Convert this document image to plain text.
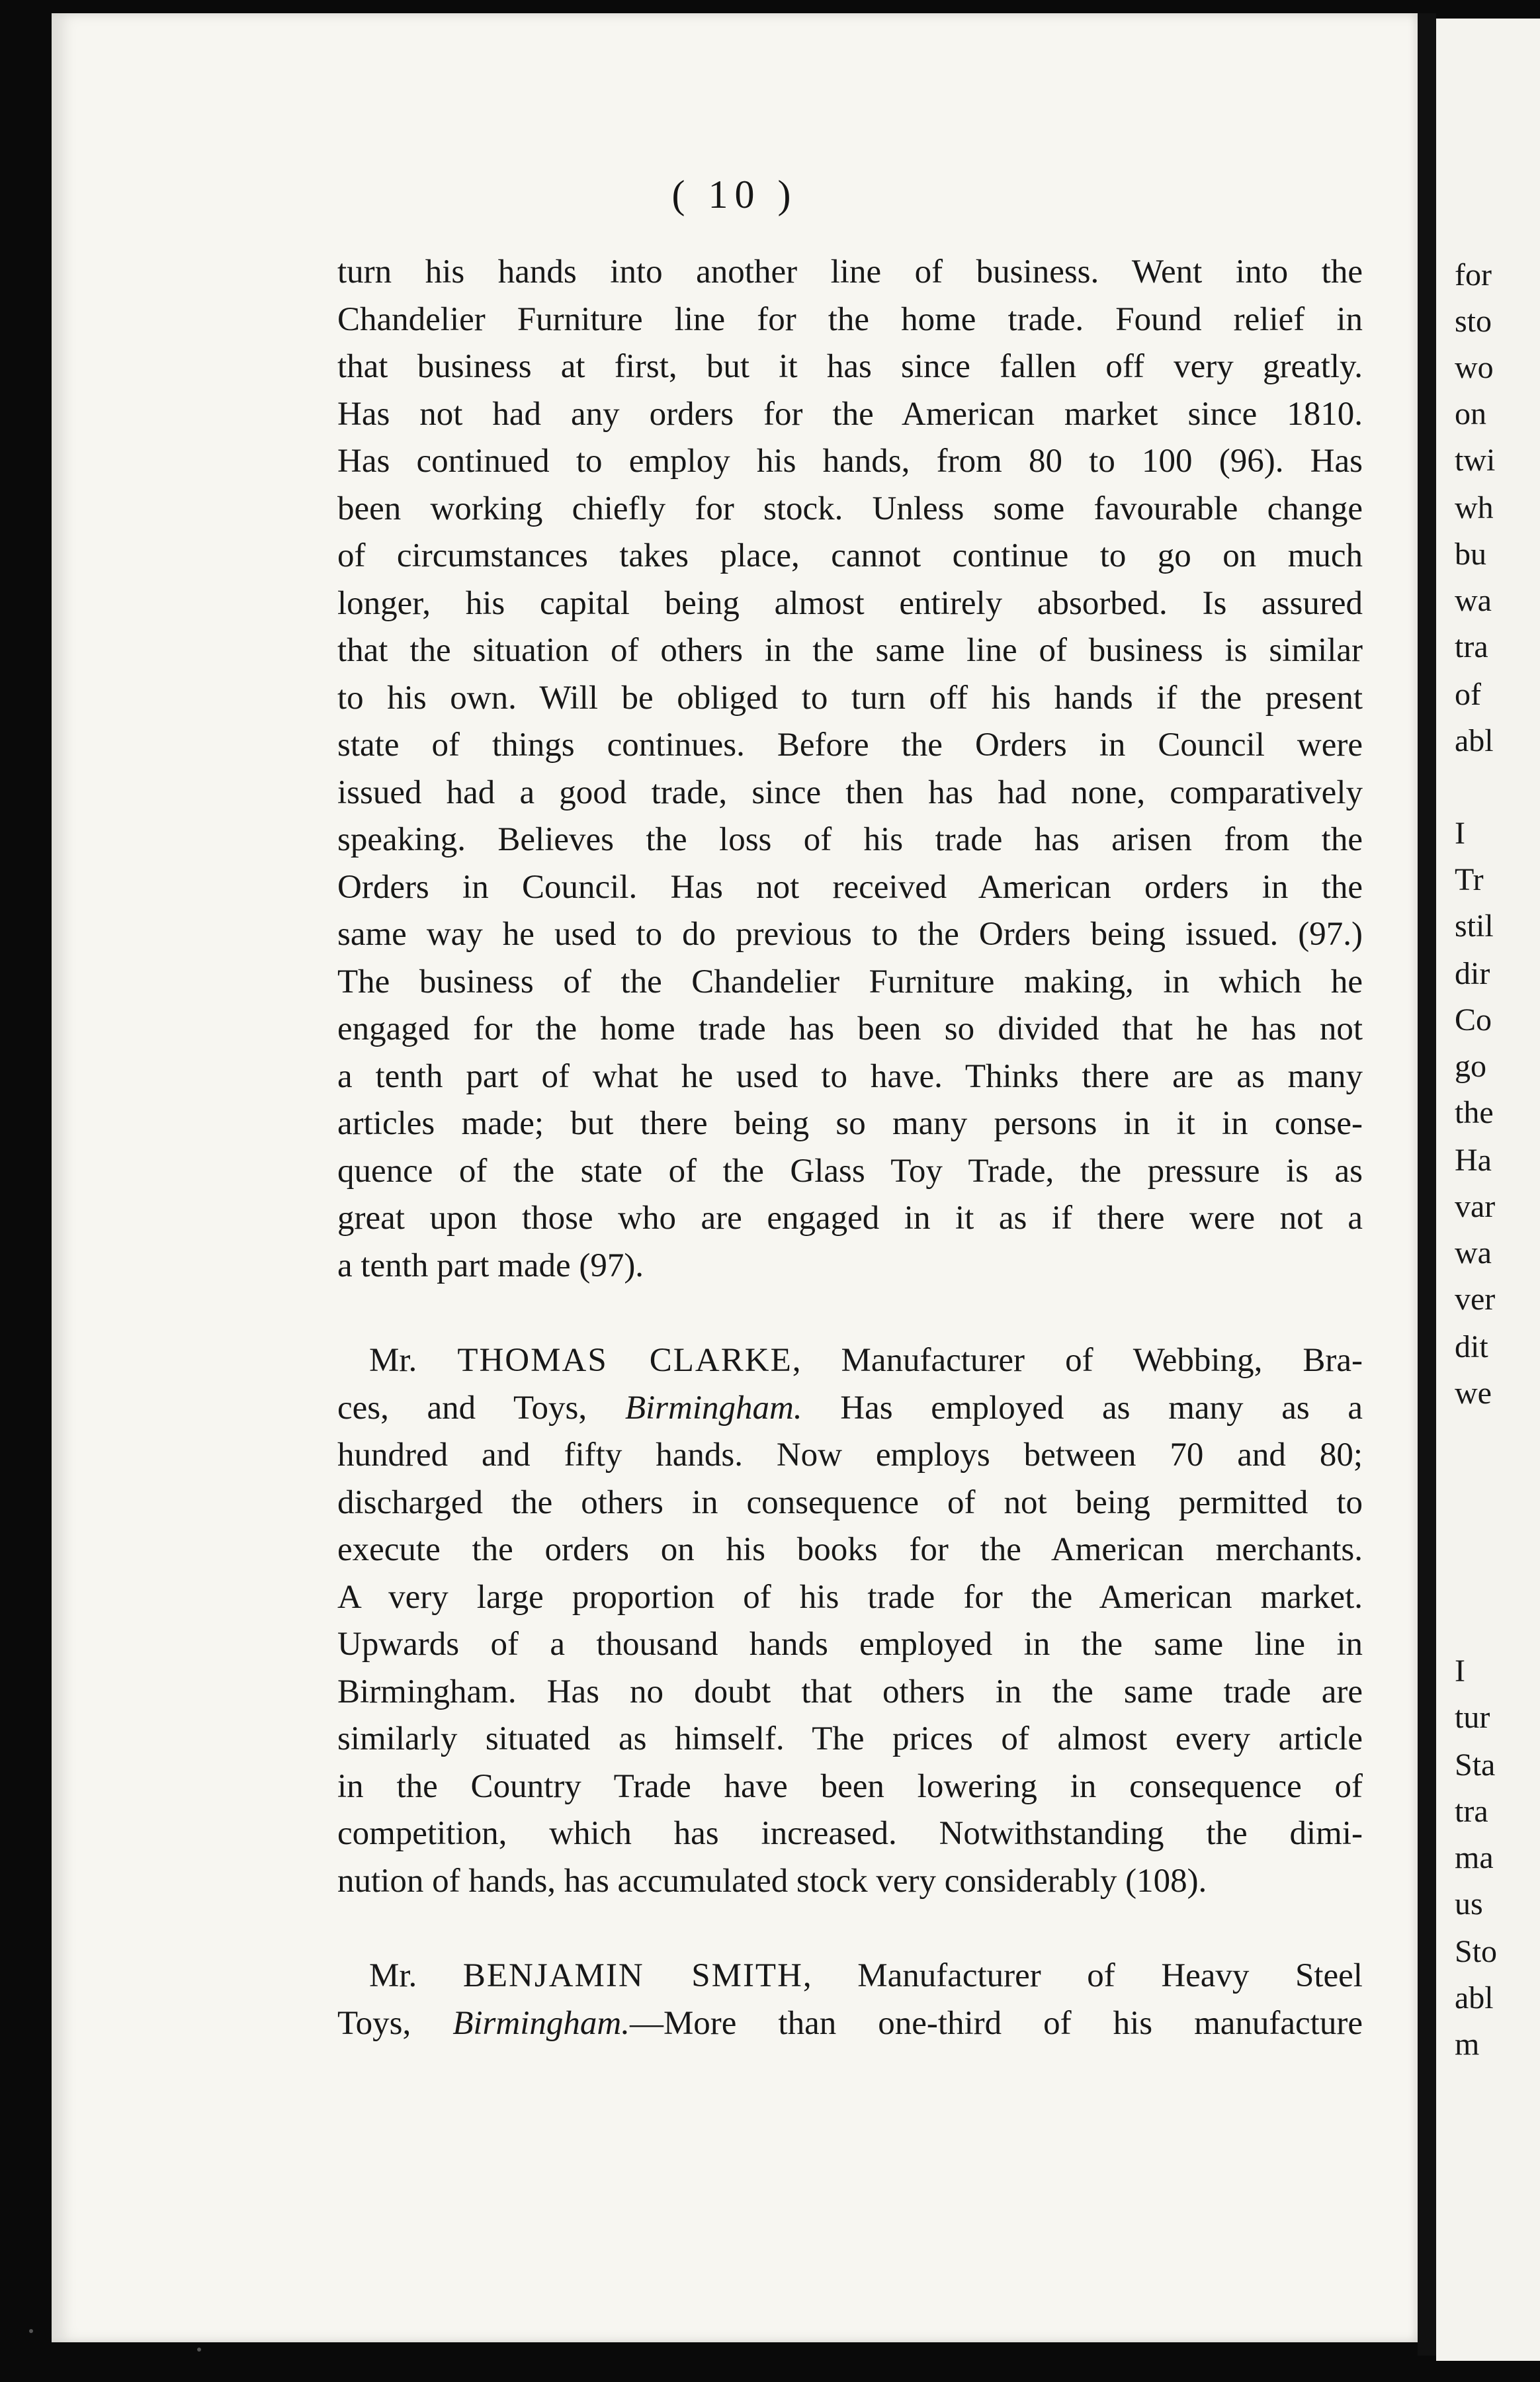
( 10 )
turn his hands into another line of business. Went into the
Chandelier Furniture line for the home trade. Found relief in
that business at first, but it has since fallen off very greatly.
Has not had any orders for the American market since 1810.
Has continued to employ his hands, from 80 to 100 (96). Has
been working chiefly for stock. Unless some favourable change
of circumstances takes place, cannot continue to go on much
longer, his capital being almost entirely absorbed. Is assured
that the situation of others in the same line of business is similar
to his own. Will be obliged to turn off his hands if the present
state of things continues. Before the Orders in Council were
issued had a good trade, since then has had none, comparatively
speaking. Believes the loss of his trade has arisen from the
Orders in Council. Has not received American orders in the
same way he used to do previous to the Orders being issued. (97.)
The business of the Chandelier Furniture making, in which he
engaged for the home trade has been so divided that he has not
a tenth part of what he used to have. Thinks there are as many
articles made; but there being so many persons in it in conse-
quence of the state of the Glass Toy Trade, the pressure is as
great upon those who are engaged in it as if there were not a
a tenth part made (97).
Mr. THOMAS CLARKE, Manufacturer of Webbing, Bra-
ces, and Toys, Birmingham. Has employed as many as a
hundred and fifty hands. Now employs between 70 and 80;
discharged the others in consequence of not being permitted to
execute the orders on his books for the American merchants.
A very large proportion of his trade for the American market.
Upwards of a thousand hands employed in the same line in
Birmingham. Has no doubt that others in the same trade are
similarly situated as himself. The prices of almost every article
in the Country Trade have been lowering in consequence of
competition, which has increased. Notwithstanding the dimi-
nution of hands, has accumulated stock very considerably (108).
Mr. BENJAMIN SMITH, Manufacturer of Heavy Steel
Toys, Birmingham.—More than one-third of his manufacture
for
sto
wo
on
twi
wh
bu
wa
tra
of
abl
I
Tr
stil
dir
Co
go
the
Ha
var
wa
ver
dit
we
I
tur
Sta
tra
ma
us
Sto
abl
m
